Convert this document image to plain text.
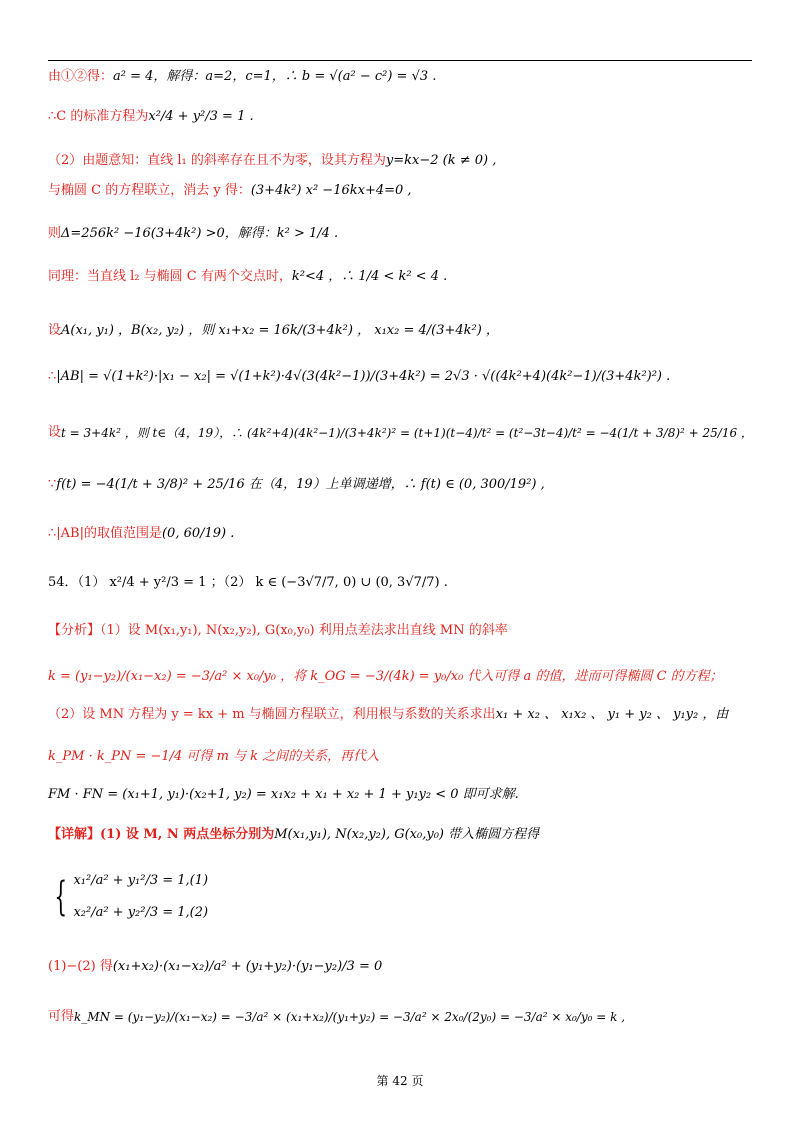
由①②得： a² = 4，解得：a=2，c=1，∴ b = √(a² − c²) = √3 .
∴C 的标准方程为 x²/4 + y²/3 = 1 .
（2）由题意知：直线 l₁ 的斜率存在且不为零，设其方程为 y=kx−2 (k ≠ 0) ,
与椭圆 C 的方程联立，消去 y 得： (3+4k²) x² −16kx+4=0 ,
则 Δ=256k² −16(3+4k²) >0，解得：k² > 1/4 .
同理：当直线 l₂ 与椭圆 C 有两个交点时， k²<4 ，∴ 1/4 < k² < 4 .
设 A(x₁, y₁) ，B(x₂, y₂) ，则 x₁+x₂ = 16k/(3+4k²) ， x₁x₂ = 4/(3+4k²) ，
∴ |AB| = √(1+k²)·|x₁ − x₂| = √(1+k²)·4√(3(4k²−1))/(3+4k²) = 2√3 · √((4k²+4)(4k²−1)/(3+4k²)²) .
设 t = 3+4k² ，则 t∈（4，19），∴ (4k²+4)(4k²−1)/(3+4k²)² = (t+1)(t−4)/t² = (t²−3t−4)/t² = −4(1/t + 3/8)² + 25/16 ，
∵ f(t) = −4(1/t + 3/8)² + 25/16 在（4，19）上单调递增，∴ f(t) ∈ (0, 300/19²) ,
∴|AB|的取值范围是 (0, 60/19) .
54．（1） x²/4 + y²/3 = 1 ；（2） k ∈ (−3√7/7, 0) ∪ (0, 3√7/7) .
【分析】（1）设 M(x₁,y₁), N(x₂,y₂), G(x₀,y₀) 利用点差法求出直线 MN 的斜率
k = (y₁−y₂)/(x₁−x₂) = −3/a² × x₀/y₀ ，将 k_OG = −3/(4k) = y₀/x₀ 代入可得 a 的值，进而可得椭圆 C 的方程；
（2）设 MN 方程为 y = kx + m 与椭圆方程联立，利用根与系数的关系求出 x₁ + x₂ 、 x₁x₂ 、 y₁ + y₂ 、 y₁y₂ ，由
k_PM · k_PN = −1/4 可得 m 与 k 之间的关系，再代入
FM · FN = (x₁+1, y₁)·(x₂+1, y₂) = x₁x₂ + x₁ + x₂ + 1 + y₁y₂ < 0 即可求解.
【详解】(1) 设 M, N 两点坐标分别为 M(x₁,y₁), N(x₂,y₂), G(x₀,y₀) 带入椭圆方程得
{ x₁²/a² + y₁²/3 = 1,(1)
x₂²/a² + y₂²/3 = 1,(2)
(1)−(2) 得 (x₁+x₂)·(x₁−x₂)/a² + (y₁+y₂)·(y₁−y₂)/3 = 0
可得 k_MN = (y₁−y₂)/(x₁−x₂) = −3/a² × (x₁+x₂)/(y₁+y₂) = −3/a² × 2x₀/(2y₀) = −3/a² × x₀/y₀ = k ,
第 42 页
